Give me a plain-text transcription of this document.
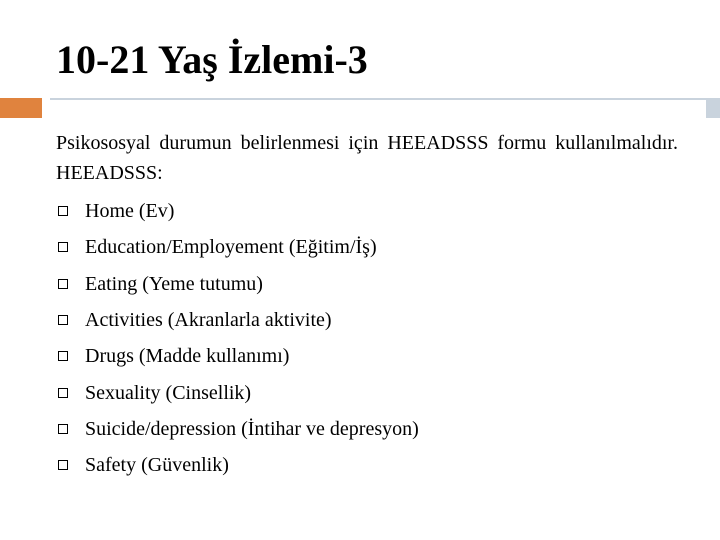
10-21 Yaş İzlemi-3
Psikososyal durumun belirlenmesi için HEEADSSS formu kullanılmalıdır. HEEADSSS:
Home (Ev)
Education/Employement (Eğitim/İş)
Eating (Yeme tutumu)
Activities (Akranlarla aktivite)
Drugs (Madde kullanımı)
Sexuality (Cinsellik)
Suicide/depression (İntihar ve depresyon)
Safety (Güvenlik)
